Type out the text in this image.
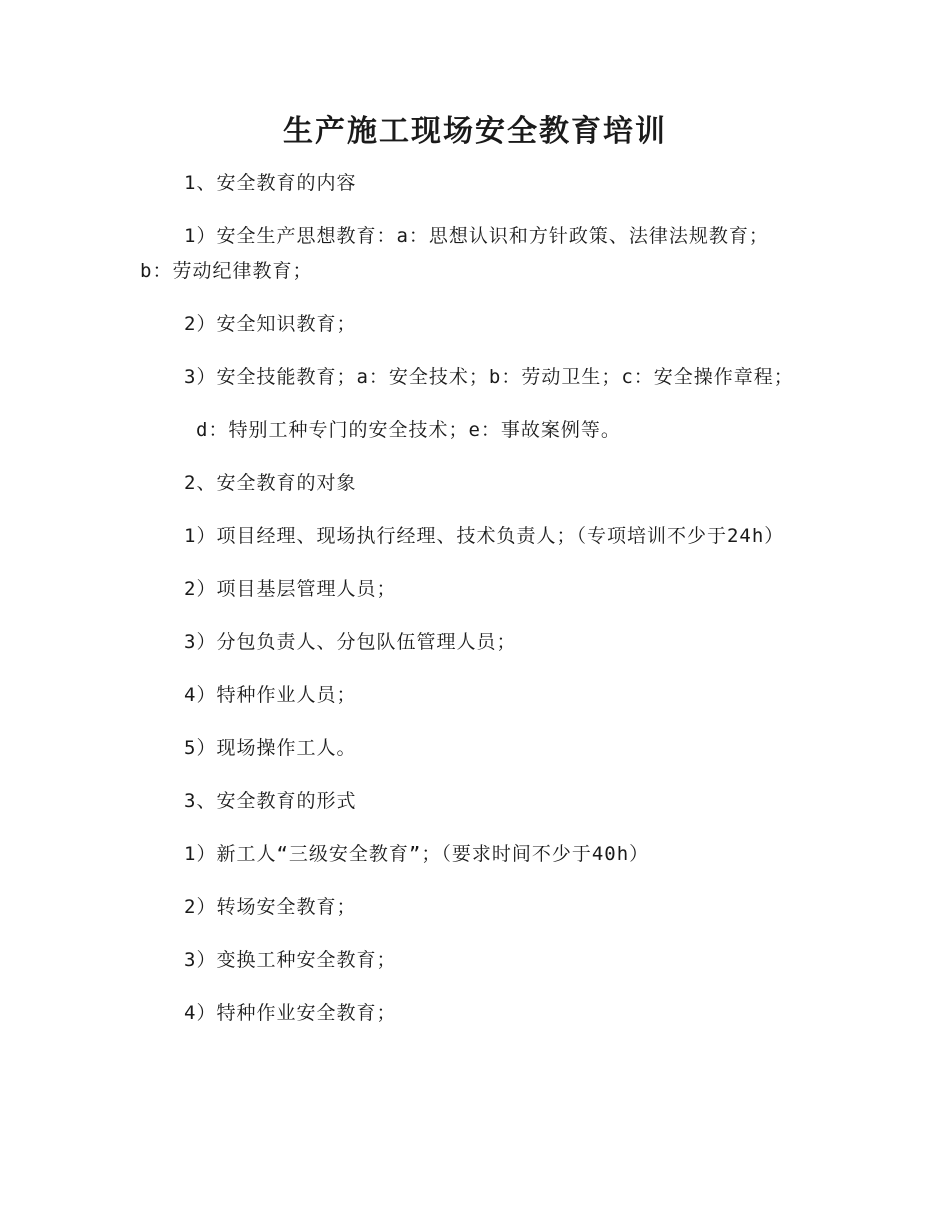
生产施工现场安全教育培训

1、安全教育的内容

1）安全生产思想教育：a：思想认识和方针政策、法律法规教育；b：劳动纪律教育；

2）安全知识教育；

3）安全技能教育；a：安全技术；b：劳动卫生；c：安全操作章程；

d：特别工种专门的安全技术；e：事故案例等。

2、安全教育的对象

1）项目经理、现场执行经理、技术负责人；（专项培训不少于24h）

2）项目基层管理人员；

3）分包负责人、分包队伍管理人员；

4）特种作业人员；

5）现场操作工人。

3、安全教育的形式

1）新工人“三级安全教育”；（要求时间不少于40h）

2）转场安全教育；

3）变换工种安全教育；

4）特种作业安全教育；
